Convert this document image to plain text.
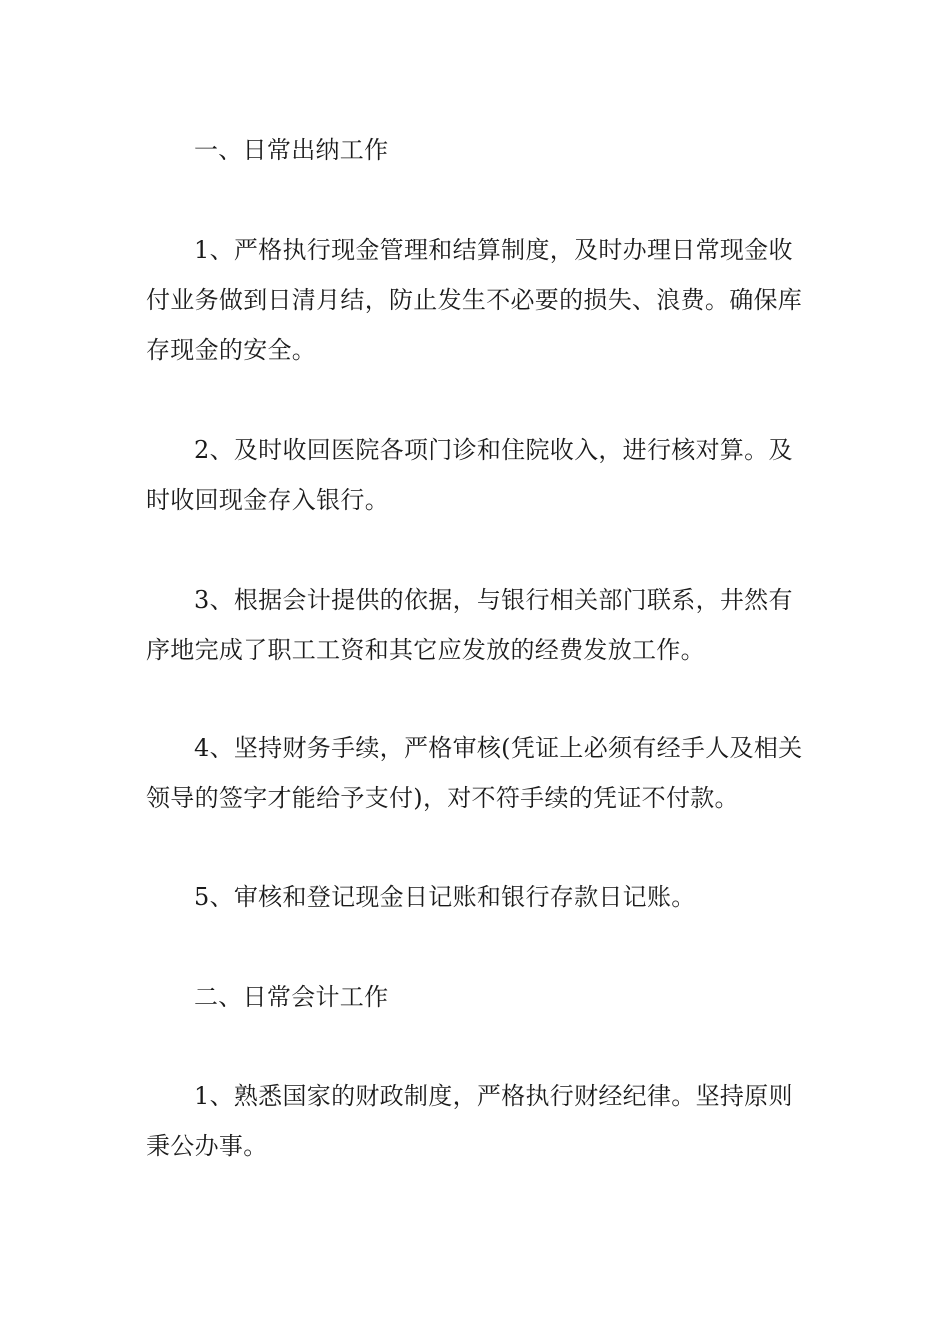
一、日常出纳工作

1、严格执行现金管理和结算制度，及时办理日常现金收付业务做到日清月结，防止发生不必要的损失、浪费。确保库存现金的安全。

2、及时收回医院各项门诊和住院收入，进行核对算。及时收回现金存入银行。

3、根据会计提供的依据，与银行相关部门联系，井然有序地完成了职工工资和其它应发放的经费发放工作。

4、坚持财务手续，严格审核(凭证上必须有经手人及相关领导的签字才能给予支付)，对不符手续的凭证不付款。

5、审核和登记现金日记账和银行存款日记账。

二、日常会计工作

1、熟悉国家的财政制度，严格执行财经纪律。坚持原则秉公办事。
